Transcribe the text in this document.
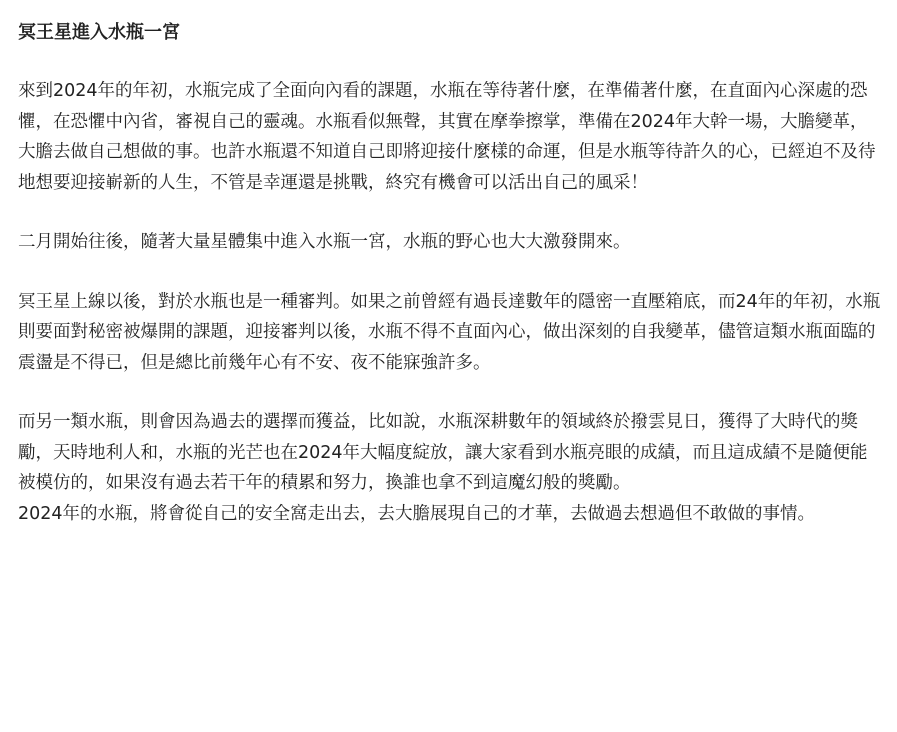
冥王星進入水瓶一宮

來到2024年的年初，水瓶完成了全面向內看的課題，水瓶在等待著什麼，在準備著什麼，在直面內心深處的恐懼，在恐懼中內省，審視自己的靈魂。水瓶看似無聲，其實在摩拳擦掌，準備在2024年大幹一場，大膽變革，大膽去做自己想做的事。也許水瓶還不知道自己即將迎接什麼樣的命運，但是水瓶等待許久的心，已經迫不及待地想要迎接嶄新的人生，不管是幸運還是挑戰，終究有機會可以活出自己的風采！

二月開始往後，隨著大量星體集中進入水瓶一宮，水瓶的野心也大大激發開來。

冥王星上線以後，對於水瓶也是一種審判。如果之前曾經有過長達數年的隱密一直壓箱底，而24年的年初，水瓶則要面對秘密被爆開的課題，迎接審判以後，水瓶不得不直面內心，做出深刻的自我變革，儘管這類水瓶面臨的震盪是不得已，但是總比前幾年心有不安、夜不能寐強許多。

而另一類水瓶，則會因為過去的選擇而獲益，比如說，水瓶深耕數年的領域終於撥雲見日，獲得了大時代的獎勵，天時地利人和，水瓶的光芒也在2024年大幅度綻放，讓大家看到水瓶亮眼的成績，而且這成績不是隨便能被模仿的，如果沒有過去若干年的積累和努力，換誰也拿不到這魔幻般的獎勵。

2024年的水瓶，將會從自己的安全窩走出去，去大膽展現自己的才華，去做過去想過但不敢做的事情。
